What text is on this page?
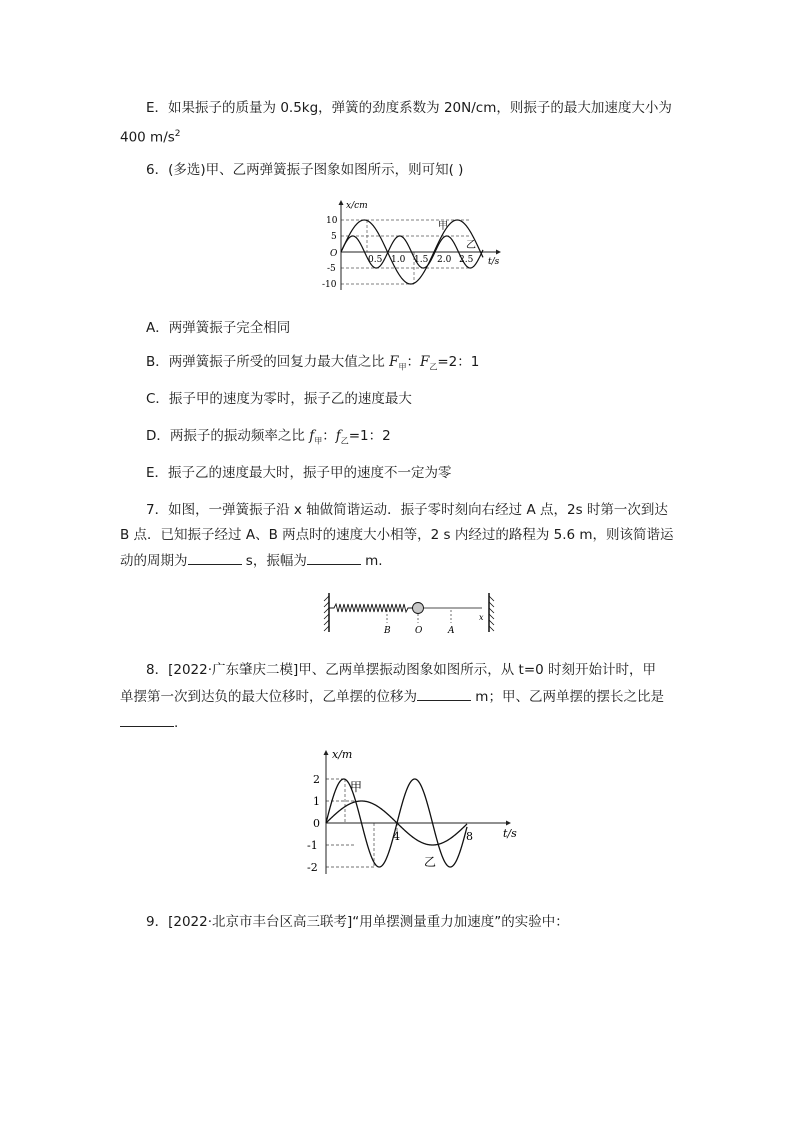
E．如果振子的质量为 0.5kg，弹簧的劲度系数为 20N/cm，则振子的最大加速度大小为
400 $m/s^2$
6．(多选)甲、乙两弹簧振子图象如图所示，则可知( )
x/cm
t/s
O
10
5
-5
-10
0.5 1.0 1.5 2.0 2.5
甲
乙
A．两弹簧振子完全相同
B．两弹簧振子所受的回复力最大值之比 $F_甲$：$F_乙=2$：1
C．振子甲的速度为零时，振子乙的速度最大
D．两振子的振动频率之比 $f_甲$：$f_乙=1$：2
E．振子乙的速度最大时，振子甲的速度不一定为零
7．如图，一弹簧振子沿 x 轴做简谐运动．振子零时刻向右经过 A 点，2s 时第一次到达
B 点．已知振子经过 A、B 两点时的速度大小相等，2 s 内经过的路程为 5.6 m，则该简谐运
动的周期为	s，振幅为	m.
B	O	A
x
8．[2022·广东肇庆二模]甲、乙两单摆振动图象如图所示，从 t=0 时刻开始计时，甲
单摆第一次到达负的最大位移时，乙单摆的位移为	m；甲、乙两单摆的摆长之比是
.
x/m
t/s
2
1
0
-1
-2
4	8
甲
乙
9．[2022·北京市丰台区高三联考]“用单摆测量重力加速度”的实验中：
